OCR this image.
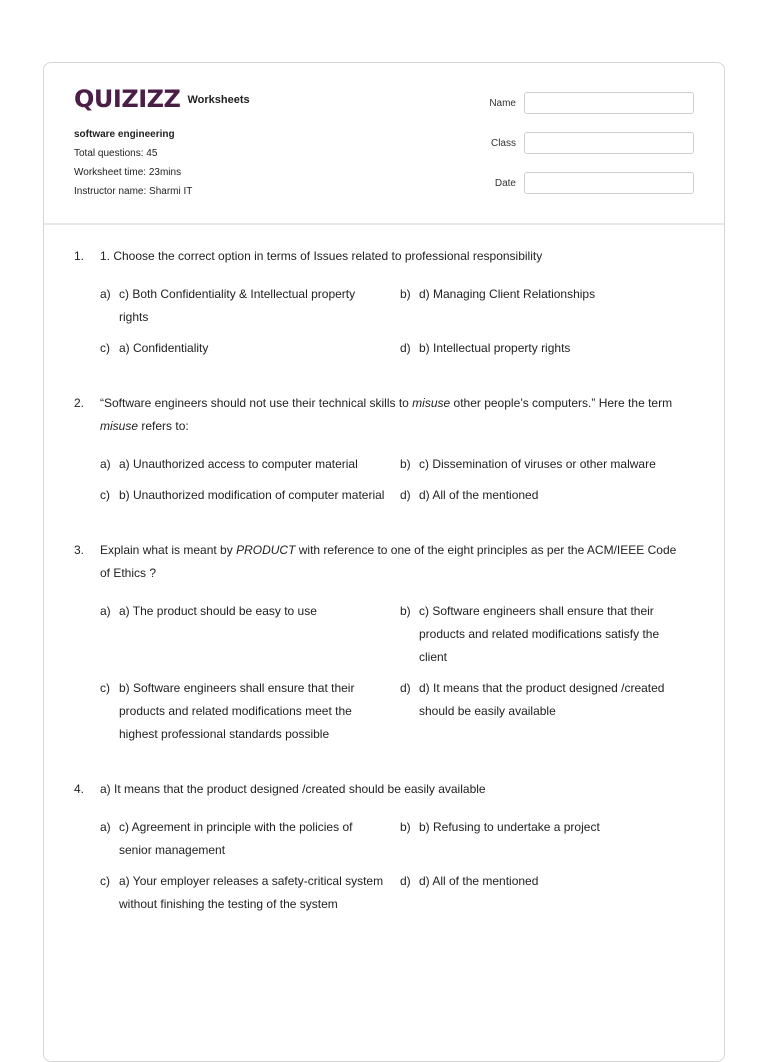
QUIZIZZ Worksheets
software engineering
Total questions: 45
Worksheet time: 23mins
Instructor name: Sharmi IT
Name
Class
Date
1.	1. Choose the correct option in terms of Issues related to professional responsibility
a) c) Both Confidentiality & Intellectual property rights
b) d) Managing Client Relationships
c) a) Confidentiality	d) b) Intellectual property rights
2.	“Software engineers should not use their technical skills to misuse other people’s computers.” Here the term misuse refers to:
a) a) Unauthorized access to computer material	b) c) Dissemination of viruses or other malware
c) b) Unauthorized modification of computer material	d) d) All of the mentioned
3.	Explain what is meant by PRODUCT with reference to one of the eight principles as per the ACM/IEEE Code of Ethics ?
a) a) The product should be easy to use	b) c) Software engineers shall ensure that their products and related modifications satisfy the client
c) b) Software engineers shall ensure that their products and related modifications meet the highest professional standards possible
d) d) It means that the product designed /created should be easily available
4.	a) It means that the product designed /created should be easily available
a) c) Agreement in principle with the policies of senior management
b) b) Refusing to undertake a project
c) a) Your employer releases a safety-critical system without finishing the testing of the system
d) d) All of the mentioned
